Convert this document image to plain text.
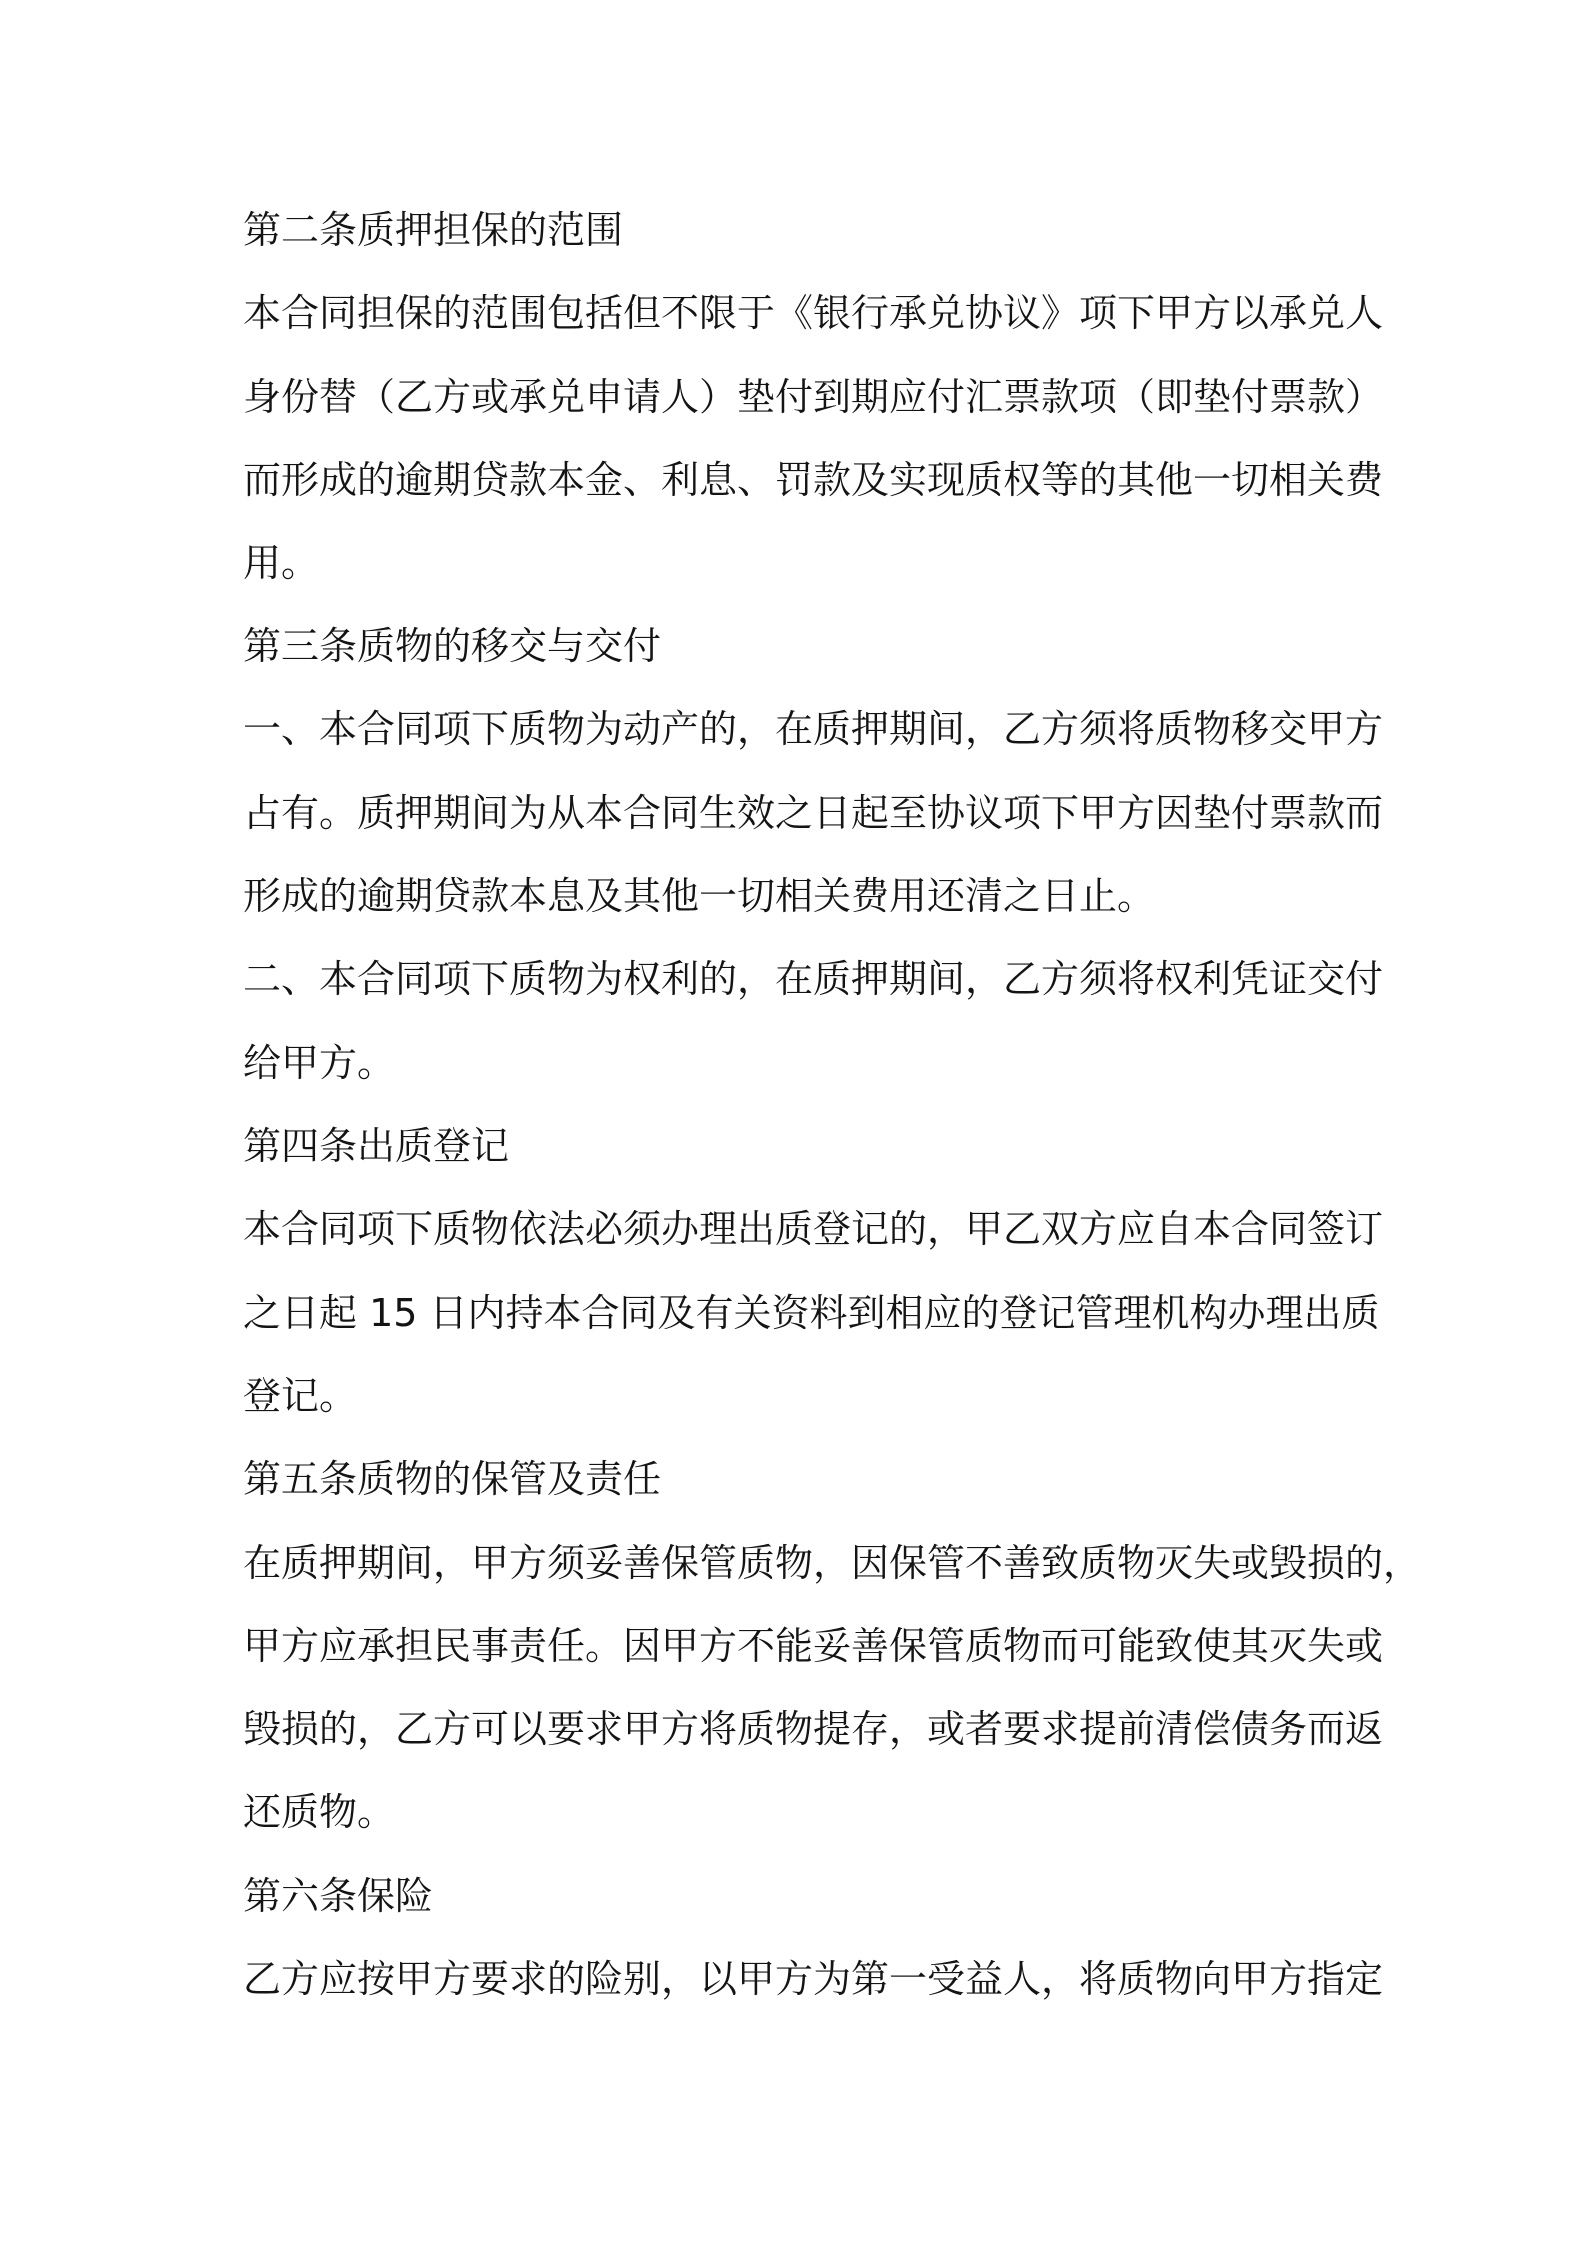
第二条质押担保的范围
本合同担保的范围包括但不限于《银行承兑协议》项下甲方以承兑人
身份替（乙方或承兑申请人）垫付到期应付汇票款项（即垫付票款）
而形成的逾期贷款本金、利息、罚款及实现质权等的其他一切相关费
用。
第三条质物的移交与交付
一、本合同项下质物为动产的，在质押期间，乙方须将质物移交甲方
占有。质押期间为从本合同生效之日起至协议项下甲方因垫付票款而
形成的逾期贷款本息及其他一切相关费用还清之日止。
二、本合同项下质物为权利的，在质押期间，乙方须将权利凭证交付
给甲方。
第四条出质登记
本合同项下质物依法必须办理出质登记的，甲乙双方应自本合同签订
之日起 15 日内持本合同及有关资料到相应的登记管理机构办理出质
登记。
第五条质物的保管及责任
在质押期间，甲方须妥善保管质物，因保管不善致质物灭失或毁损的，
甲方应承担民事责任。因甲方不能妥善保管质物而可能致使其灭失或
毁损的，乙方可以要求甲方将质物提存，或者要求提前清偿债务而返
还质物。
第六条保险
乙方应按甲方要求的险别，以甲方为第一受益人，将质物向甲方指定
